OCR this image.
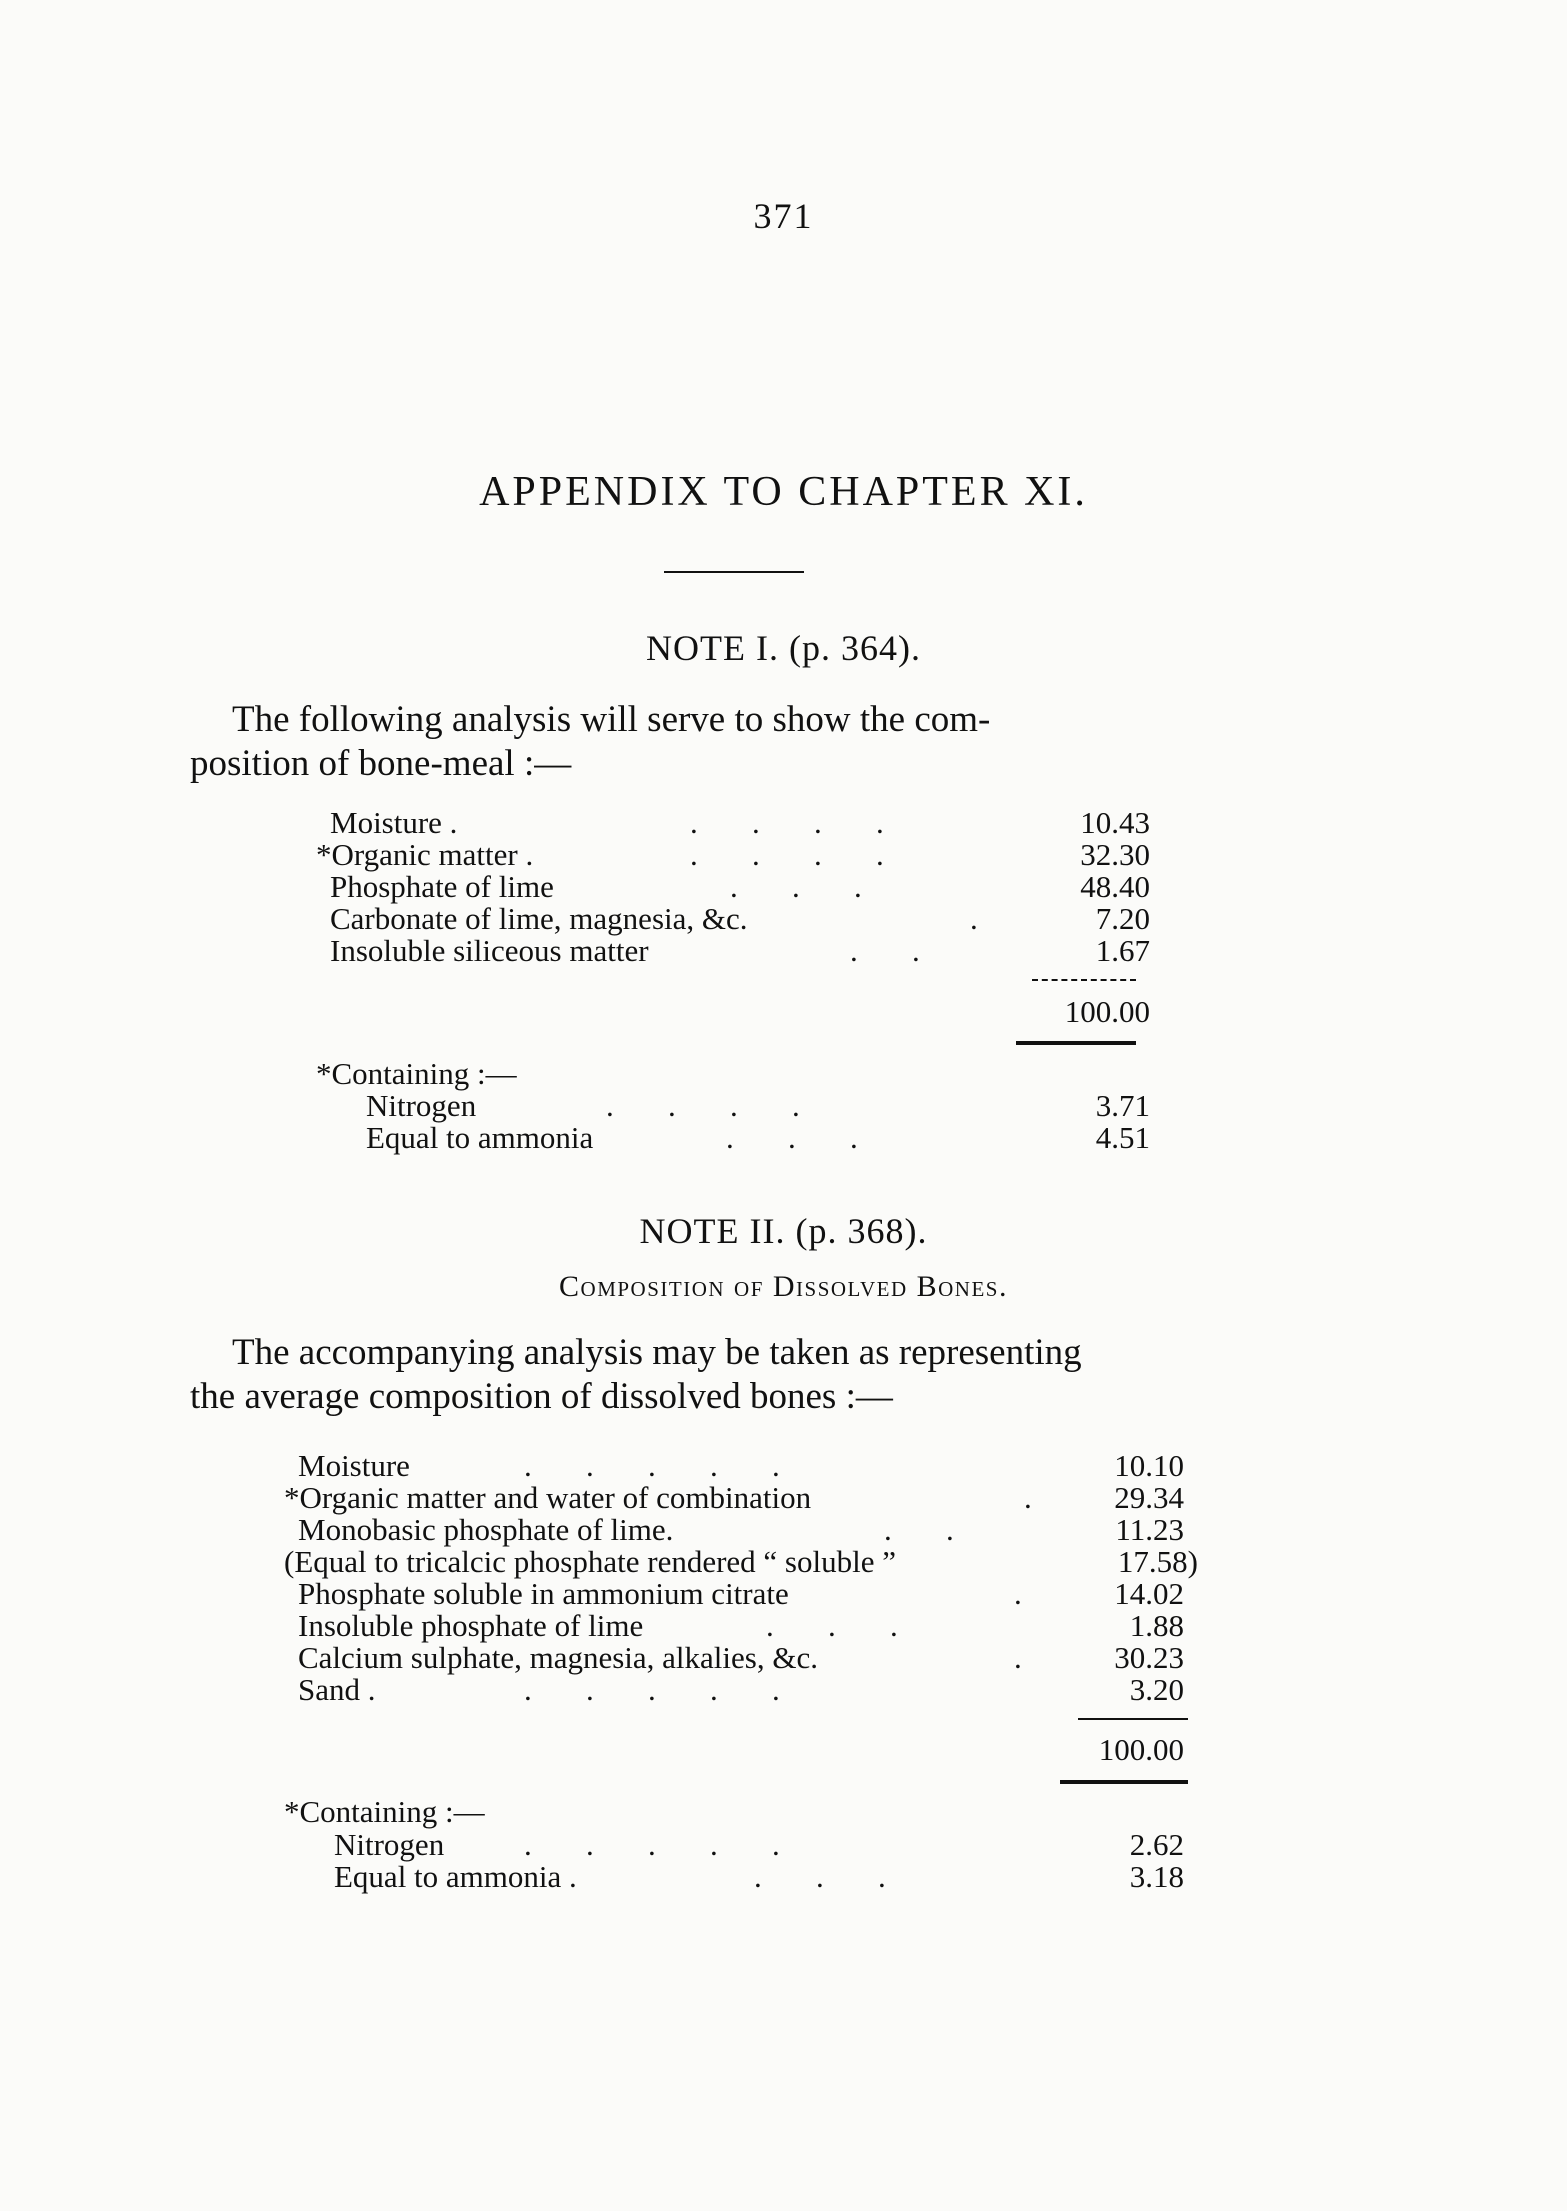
371
APPENDIX TO CHAPTER XI.
NOTE I. (p. 364).
The following analysis will serve to show the com-
position of bone-meal :—
Moisture .	.       .       .       .	10.43
*Organic matter .	.       .       .       .	32.30
Phosphate of lime	.       .       .	48.40
Carbonate of lime, magnesia, &c.	.	7.20
Insoluble siliceous matter	.       .	1.67
100.00
*Containing :—
Nitrogen	.       .       .       .	3.71
Equal to ammonia	.       .       .	4.51
NOTE II. (p. 368).
Composition of Dissolved Bones.
The accompanying analysis may be taken as representing
the average composition of dissolved bones :—
Moisture	.       .       .       .       .	10.10
*Organic matter and water of combination	.	29.34
Monobasic phosphate of lime.	.       .	11.23
(Equal to tricalcic phosphate rendered “ soluble ”	17.58)
Phosphate soluble in ammonium citrate	.	14.02
Insoluble phosphate of lime	.       .       .	1.88
Calcium sulphate, magnesia, alkalies, &c.	.	30.23
Sand .	.       .       .       .       .	3.20
100.00
*Containing :—
Nitrogen	.       .       .       .       .	2.62
Equal to ammonia .	.       .       .	3.18
